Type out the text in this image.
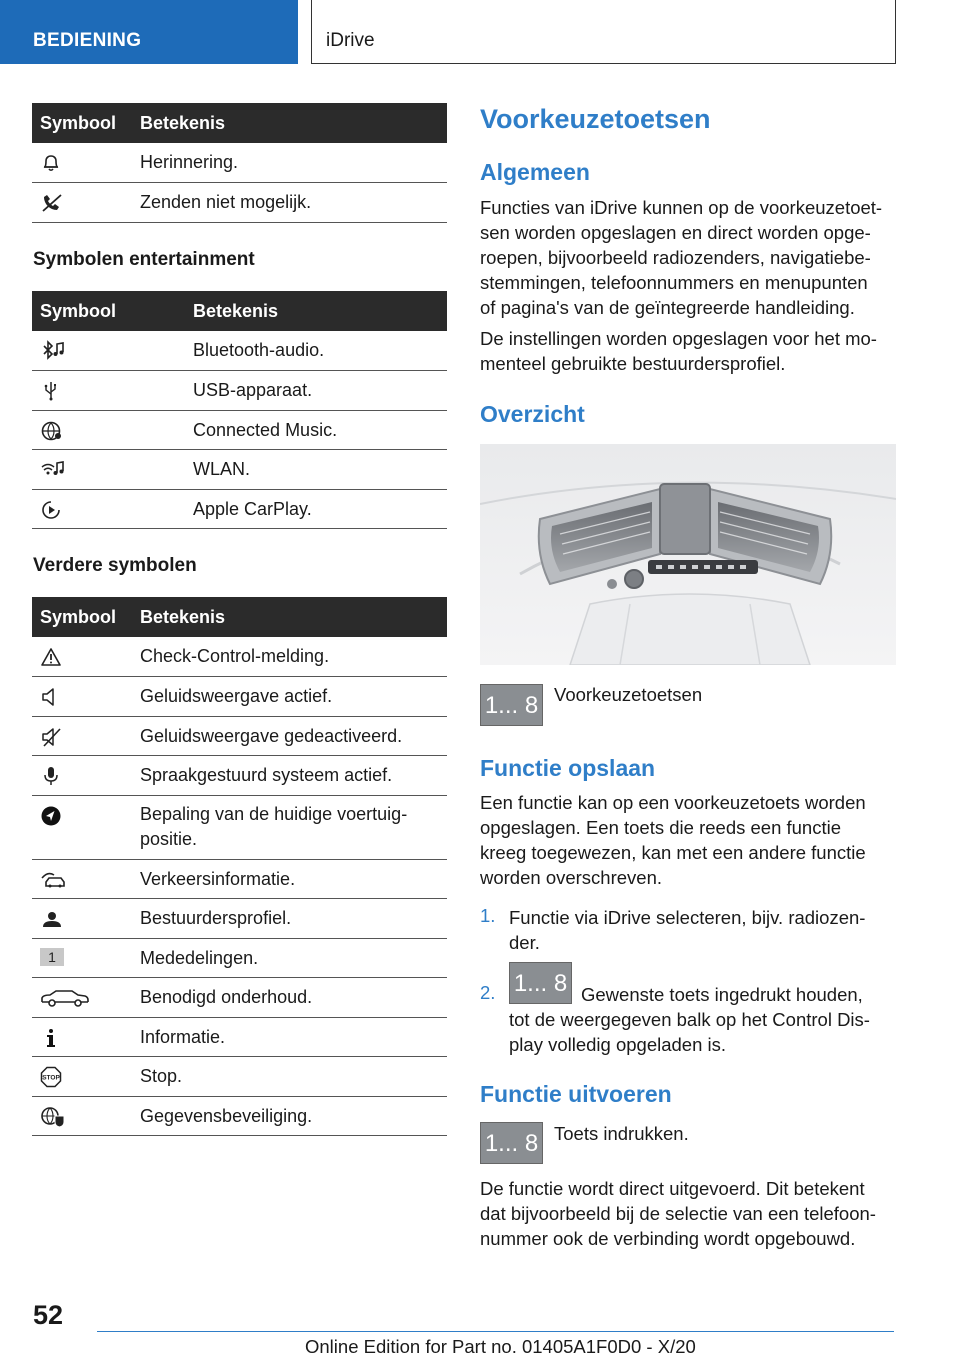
BEDIENING	iDrive
Symbool	Betekenis

	Herinnering.

	Zenden niet mogelijk.
Symbolen entertainment
Symbool	Betekenis

	Bluetooth-audio.

	USB-apparaat.

	Connected Music.

	WLAN.

	Apple CarPlay.
Verdere symbolen
Symbool	Betekenis

	Check-Control-melding.

	Geluidsweergave actief.

	Geluidsweergave gedeactiveerd.

	Spraakgestuurd systeem actief.

	Bepaling van de huidige voertuig-
positie.

	Verkeersinformatie.

	Bestuurdersprofiel.

1	Mededelingen.

	Benodigd onderhoud.

	Informatie.

STOP	Stop.

	Gegevensbeveiliging.
Voorkeuzetoetsen
Algemeen
Functies van iDrive kunnen op de voorkeuzetoet-
sen worden opgeslagen en direct worden opge-
roepen, bijvoorbeeld radiozenders, navigatiebe-
stemmingen, telefoonnummers en menupunten
of pagina's van de geïntegreerde handleiding.
De instellingen worden opgeslagen voor het mo-
menteel gebruikte bestuurdersprofiel.
Overzicht
1... 8 Voorkeuzetoetsen
Functie opslaan
Een functie kan op een voorkeuzetoets worden
opgeslagen. Een toets die reeds een functie
kreeg toegewezen, kan met een andere functie
worden overschreven.
1. Functie via iDrive selecteren, bijv. radiozen-
der.
2. 1... 8 Gewenste toets ingedrukt houden,
tot de weergegeven balk op het Control Dis-
play volledig opgeladen is.
Functie uitvoeren
1... 8 Toets indrukken.
De functie wordt direct uitgevoerd. Dit betekent
dat bijvoorbeeld bij de selectie van een telefoon-
nummer ook de verbinding wordt opgebouwd.
52
Online Edition for Part no. 01405A1F0D0 - X/20
